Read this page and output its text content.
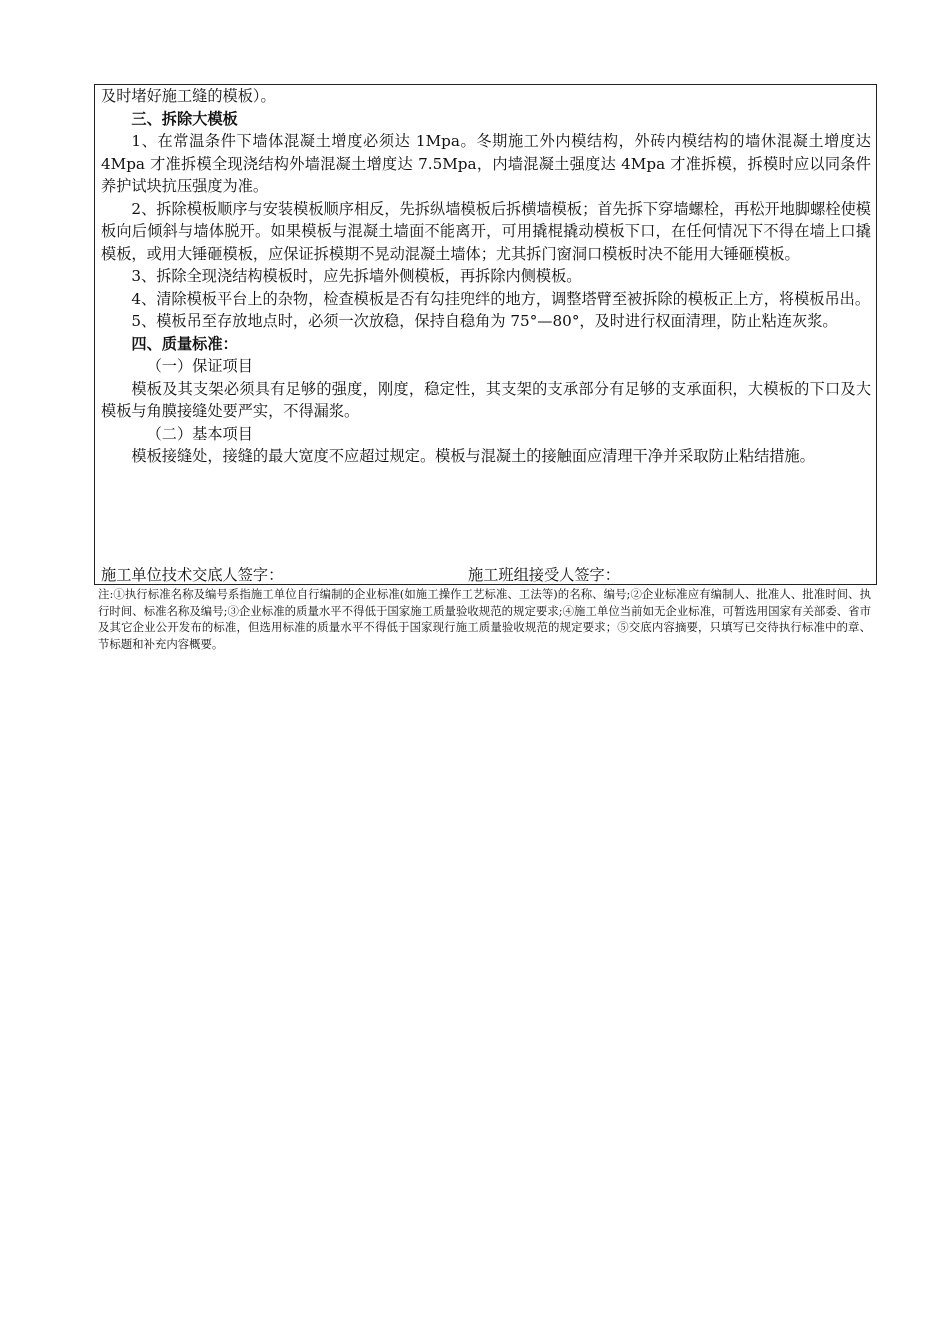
及时堵好施工缝的模板）。
三、拆除大模板
1、在常温条件下墙体混凝土增度必须达 1Mpa。冬期施工外内模结构，外砖内模结构的墙休混凝土增度达 4Mpa 才准拆模全现浇结构外墙混凝土增度达 7.5Mpa，内墙混凝土强度达 4Mpa 才准拆模，拆模时应以同条件养护试块抗压强度为准。
2、拆除模板顺序与安装模板顺序相反，先拆纵墙模板后拆横墙模板；首先拆下穿墙螺栓，再松开地脚螺栓使模板向后倾斜与墙体脱开。如果模板与混凝土墙面不能离开，可用撬棍撬动模板下口，在任何情况下不得在墙上口撬模板，或用大锤砸模板，应保证拆模期不晃动混凝土墙体；尤其拆门窗洞口模板时决不能用大锤砸模板。
3、拆除全现浇结构模板时，应先拆墙外侧模板，再拆除内侧模板。
4、清除模板平台上的杂物，检查模板是否有勾挂兜绊的地方，调整塔臂至被拆除的模板正上方，将模板吊出。
5、模板吊至存放地点时，必须一次放稳，保持自稳角为 75°—80°，及时进行权面清理，防止粘连灰浆。
四、质量标准：
（一）保证项目
模板及其支架必须具有足够的强度，刚度，稳定性，其支架的支承部分有足够的支承面积，大模板的下口及大模板与角膜接缝处要严实，不得漏浆。
（二）基本项目
模板接缝处，接缝的最大宽度不应超过规定。模板与混凝土的接触面应清理干净并采取防止粘结措施。
施工单位技术交底人签字：	施工班组接受人签字：
注:①执行标准名称及编号系指施工单位自行编制的企业标准(如施工操作工艺标准、工法等)的名称、编号;②企业标准应有编制人、批准人、批准时间、执行时间、标准名称及编号;③企业标准的质量水平不得低于国家施工质量验收规范的规定要求;④施工单位当前如无企业标准，可暂选用国家有关部委、省市及其它企业公开发布的标准，但选用标准的质量水平不得低于国家现行施工质量验收规范的规定要求；⑤交底内容摘要，只填写已交待执行标准中的章、节标题和补充内容概要。
